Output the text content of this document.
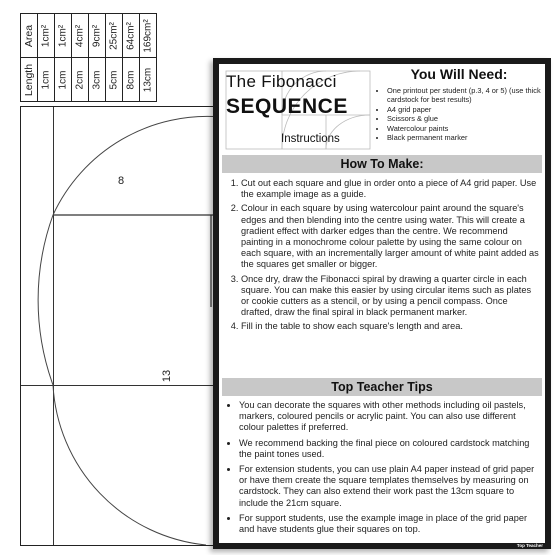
Area	1cm²	1cm²	4cm²	9cm²	25cm²	64cm²	169cm²

Length	1cm	1cm	2cm	3cm	5cm	8cm	13cm
8
13
The Fibonacci
SEQUENCE
Instructions
You Will Need:
• One printout per student (p.3, 4 or 5) (use thick cardstock for best results)
• A4 grid paper
• Scissors & glue
• Watercolour paints
• Black permanent marker
How To Make:
1. Cut out each square and glue in order onto a piece of A4 grid paper. Use the example image as a guide.
2. Colour in each square by using watercolour paint around the square's edges and then blending into the centre using water. This will create a gradient effect with darker edges than the centre. We recommend painting in a monochrome colour palette by using the same colour on each square, with an incrementally larger amount of white paint added as the squares get smaller or bigger.
3. Once dry, draw the Fibonacci spiral by drawing a quarter circle in each square. You can make this easier by using circular items such as plates or cookie cutters as a stencil, or by using a pencil compass. Once drafted, draw the final spiral in black permanent marker.
4. Fill in the table to show each square's length and area.
Top Teacher Tips
• You can decorate the squares with other methods including oil pastels, markers, coloured pencils or acrylic paint. You can also use different colour palettes if preferred.
• We recommend backing the final piece on coloured cardstock matching the paint tones used.
• For extension students, you can use plain A4 paper instead of grid paper or have them create the square templates themselves by measuring on cardstock. They can also extend their work past the 13cm square to include the 21cm square.
• For support students, use the example image in place of the grid paper and have students glue their squares on top.
Top Teacher
